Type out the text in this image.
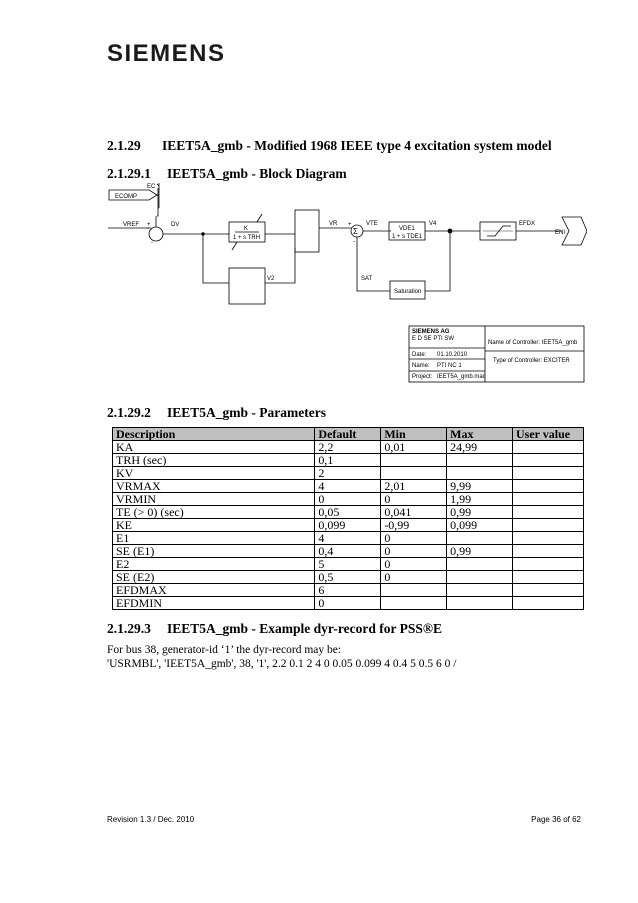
SIEMENS
2.1.29 IEET5A_gmb - Modified 1968 IEEE type 4 excitation system model
2.1.29.1 IEET5A_gmb - Block Diagram
EC
ECOMP
VREF +
-
DV
K
1 + s TRH
VR
Σ
+
-
VTE
VDE1
1 + s TDE1
V4	EFDX
ENI
V2	SAT
Saturation
SIEMENS AG
E D SE PTI SW
Date: 01.10.2010
Name: PTI NC 1
Project: IEET5A_gmb.mac
Name of Controller: IEET5A_gmb
Type of Controller: EXCITER
2.1.29.2 IEET5A_gmb - Parameters
Description	Default	Min	Max	User value
KA	2,2	0,01	24,99	
TRH (sec)	0,1			
KV	2			
VRMAX	4	2,01	9,99	
VRMIN	0	0	1,99	
TE (> 0) (sec)	0,05	0,041	0,99	
KE	0,099	-0,99	0,099	
E1	4	0		
SE (E1)	0,4	0	0,99	
E2	5	0		
SE (E2)	0,5	0		
EFDMAX	6			
EFDMIN	0			
2.1.29.3 IEET5A_gmb - Example dyr-record for PSS®E
For bus 38, generator-id ‘1’ the dyr-record may be:
'USRMBL', 'IEET5A_gmb', 38, '1', 2.2 0.1 2 4 0 0.05 0.099 4 0.4 5 0.5 6 0 /
Revision 1.3 / Dec. 2010	Page 36 of 62
